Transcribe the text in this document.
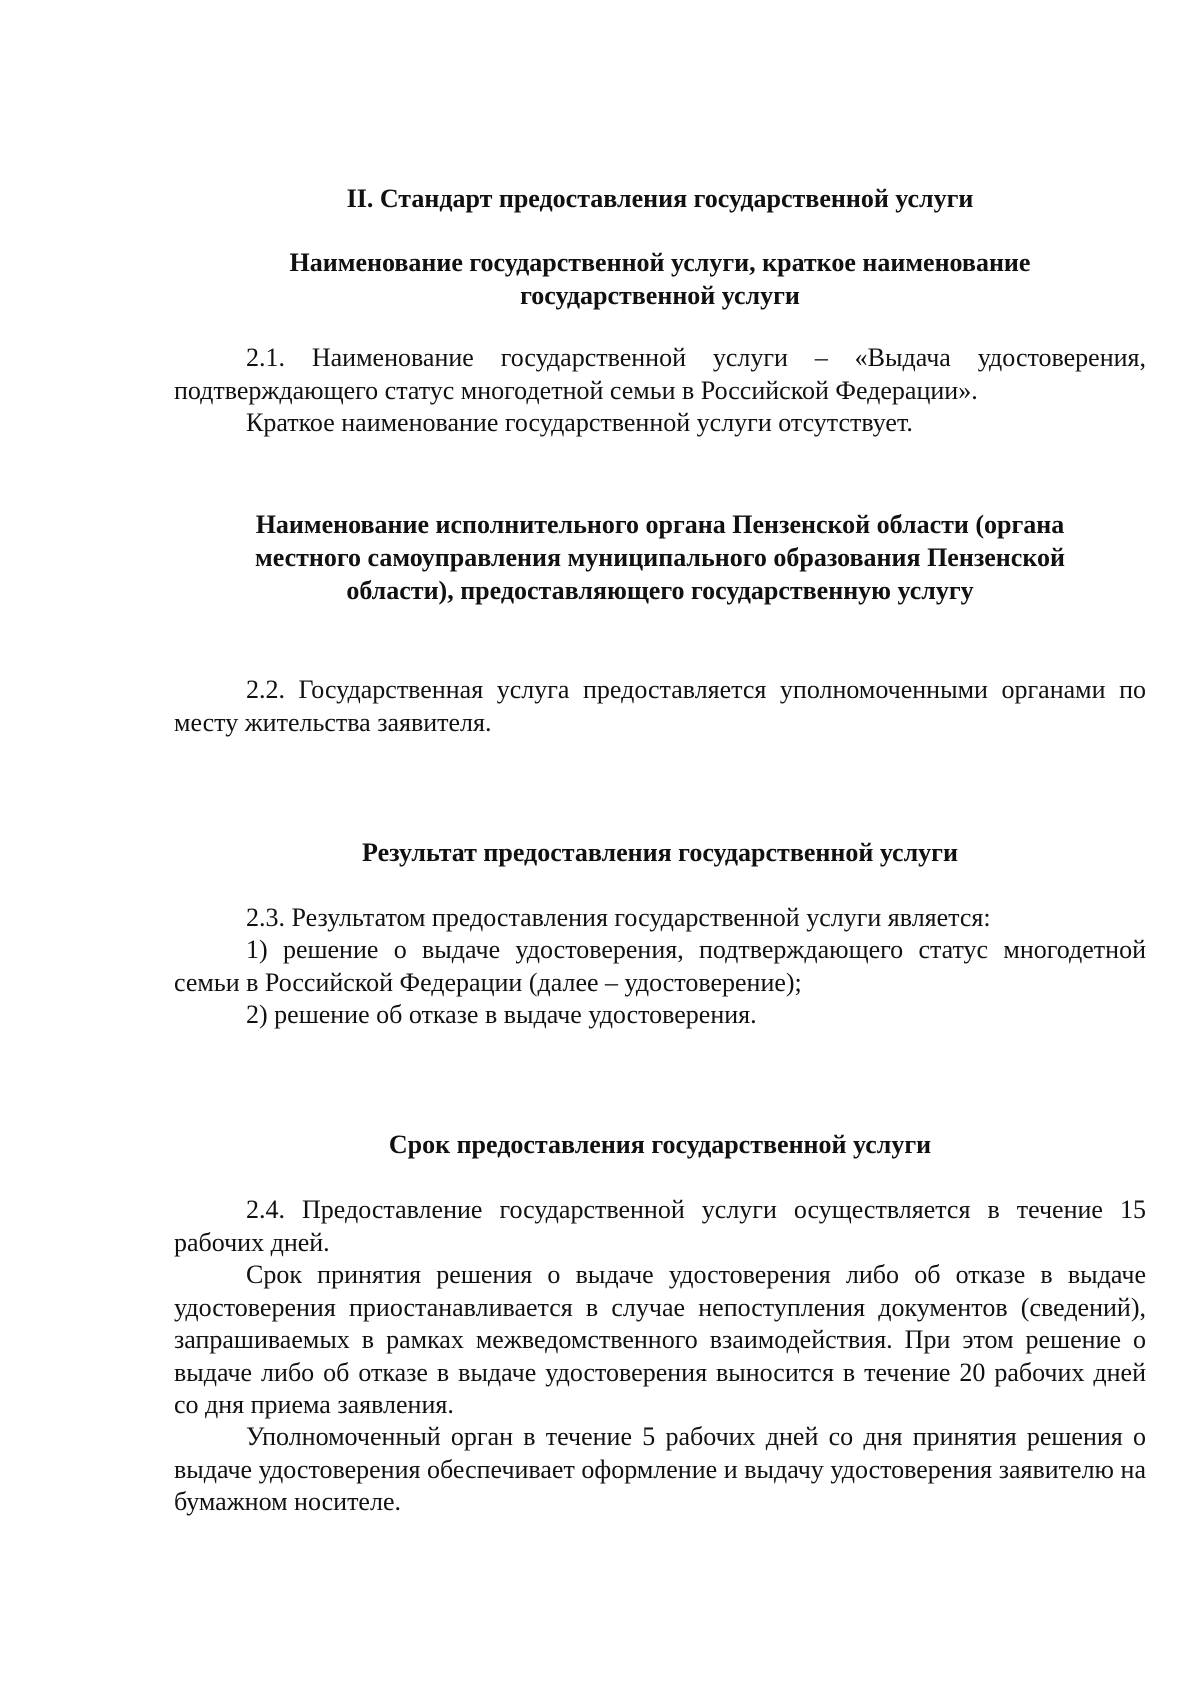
II. Стандарт предоставления государственной услуги
Наименование государственной услуги, краткое наименование
государственной услуги

2.1. Наименование государственной услуги – «Выдача удостоверения, подтверждающего статус многодетной семьи в Российской Федерации».

Краткое наименование государственной услуги отсутствует.

Наименование исполнительного органа Пензенской области (органа
местного самоуправления муниципального образования Пензенской
области), предоставляющего государственную услугу

2.2. Государственная услуга предоставляется уполномоченными органами по месту жительства заявителя.

Результат предоставления государственной услуги

2.3. Результатом предоставления государственной услуги является:

1) решение о выдаче удостоверения, подтверждающего статус многодетной семьи в Российской Федерации (далее – удостоверение);

2) решение об отказе в выдаче удостоверения.

Срок предоставления государственной услуги

2.4. Предоставление государственной услуги осуществляется в течение 15 рабочих дней.

Срок принятия решения о выдаче удостоверения либо об отказе в выдаче удостоверения приостанавливается в случае непоступления документов (сведений), запрашиваемых в рамках межведомственного взаимодействия. При этом решение о выдаче либо об отказе в выдаче удостоверения выносится в течение 20 рабочих дней со дня приема заявления.

Уполномоченный орган в течение 5 рабочих дней со дня принятия решения о выдаче удостоверения обеспечивает оформление и выдачу удостоверения заявителю на бумажном носителе.
